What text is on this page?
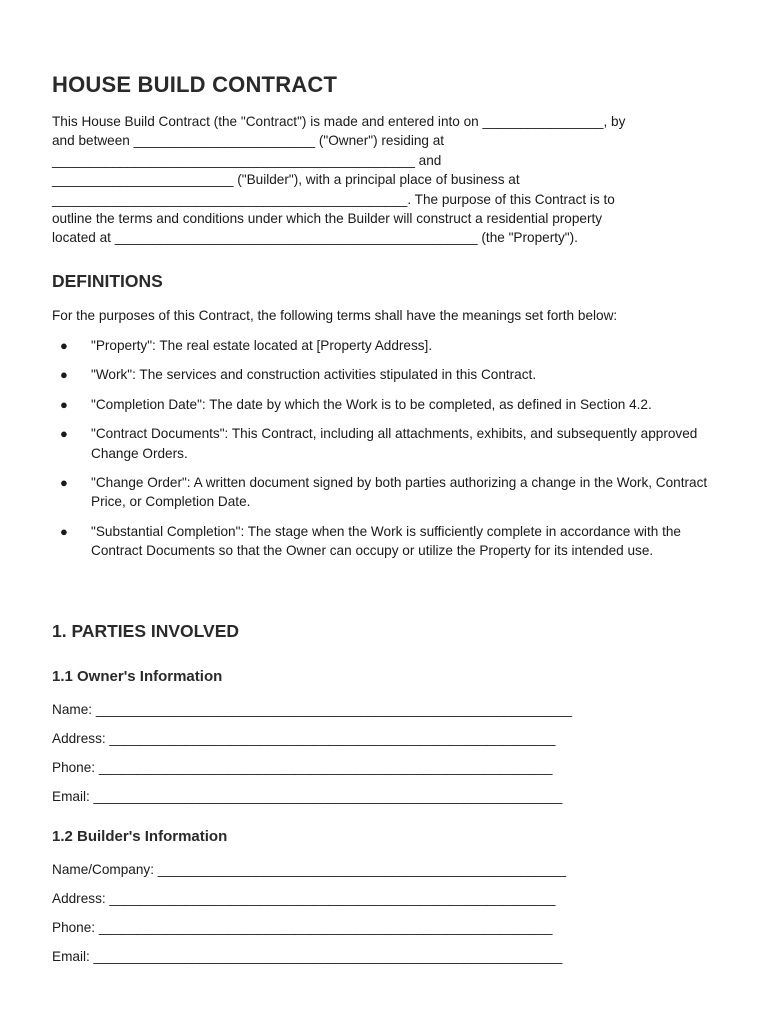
HOUSE BUILD CONTRACT
This House Build Contract (the "Contract") is made and entered into on ________________, by
and between ________________________ ("Owner") residing at
________________________________________________ and
________________________ ("Builder"), with a principal place of business at
_______________________________________________. The purpose of this Contract is to
outline the terms and conditions under which the Builder will construct a residential property
located at ________________________________________________ (the "Property").
DEFINITIONS

For the purposes of this Contract, the following terms shall have the meanings set forth below:

● "Property": The real estate located at [Property Address].
● "Work": The services and construction activities stipulated in this Contract.
● "Completion Date": The date by which the Work is to be completed, as defined in Section 4.2.
● "Contract Documents": This Contract, including all attachments, exhibits, and subsequently approved Change Orders.
● "Change Order": A written document signed by both parties authorizing a change in the Work, Contract Price, or Completion Date.
● "Substantial Completion": The stage when the Work is sufficiently complete in accordance with the Contract Documents so that the Owner can occupy or utilize the Property for its intended use.
1. PARTIES INVOLVED
1.1 Owner's Information

Name: _______________________________________________________________

Address: ___________________________________________________________

Phone: ____________________________________________________________

Email: ______________________________________________________________

1.2 Builder's Information

Name/Company: ______________________________________________________

Address: ___________________________________________________________

Phone: ____________________________________________________________

Email: ______________________________________________________________
